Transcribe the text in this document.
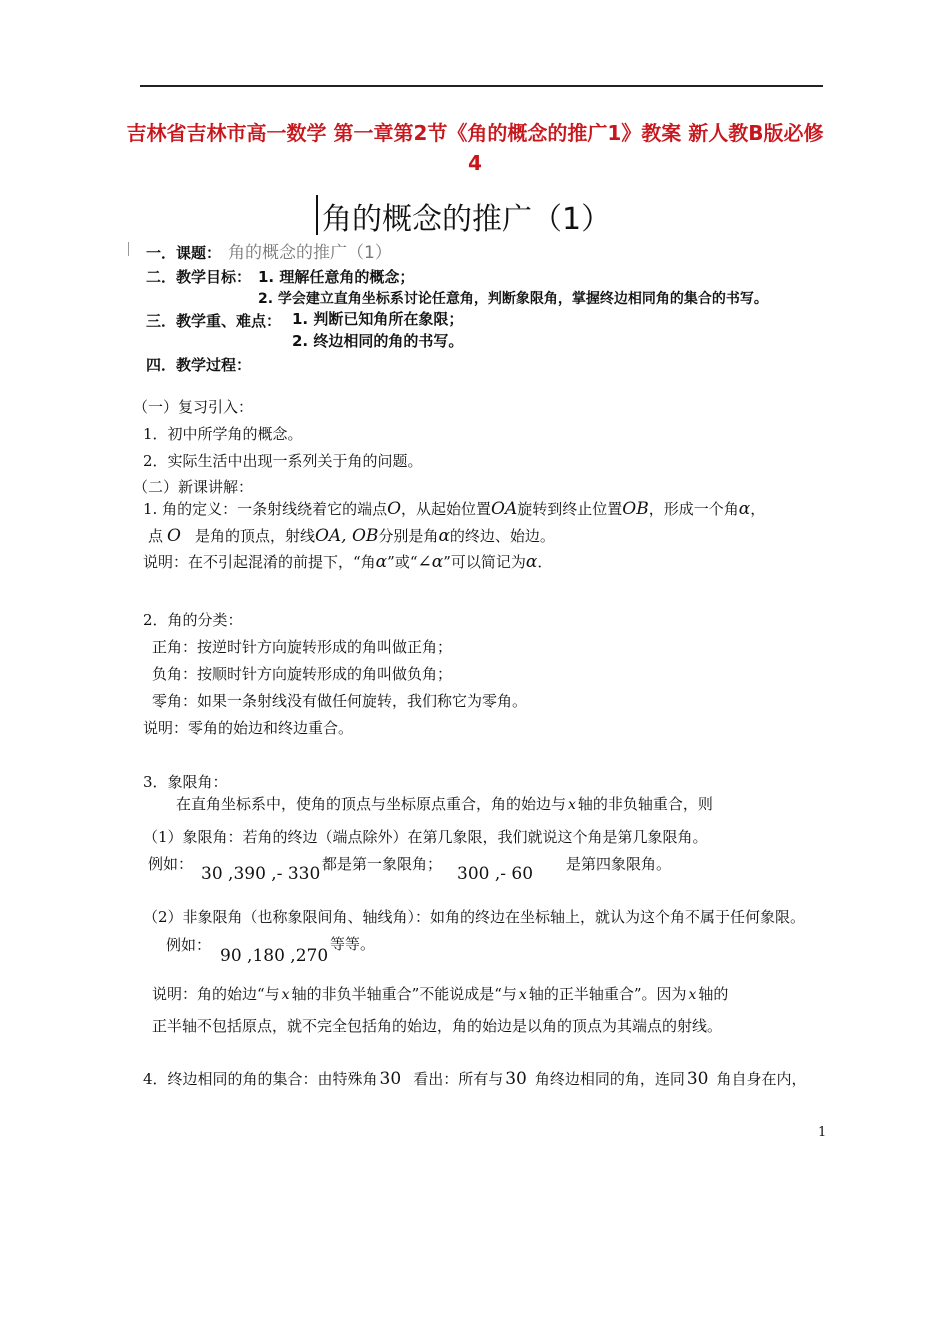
吉林省吉林市高一数学 第一章第2节《角的概念的推广1》教案 新人教B版必修4
角的概念的推广（1）
一．课题： 角的概念的推广（1）
二．教学目标： 1. 理解任意角的概念；
2. 学会建立直角坐标系讨论任意角，判断象限角，掌握终边相同角的集合的书写。
三．教学重、难点： 1. 判断已知角所在象限；
2. 终边相同的角的书写。
四．教学过程：
（一）复习引入：
1．初中所学角的概念。
2．实际生活中出现一系列关于角的问题。
（二）新课讲解：
1. 角的定义：一条射线绕着它的端点O，从起始位置OA旋转到终止位置OB，形成一个角α，
点 O 是角的顶点，射线OA, OB分别是角α的终边、始边。
说明：在不引起混淆的前提下，“角α”或“∠α”可以简记为α．
2．角的分类：
正角：按逆时针方向旋转形成的角叫做正角；
负角：按顺时针方向旋转形成的角叫做负角；
零角：如果一条射线没有做任何旋转，我们称它为零角。
说明：零角的始边和终边重合。
3．象限角：
在直角坐标系中，使角的顶点与坐标原点重合，角的始边与 x 轴的非负轴重合，则
（1）象限角：若角的终边（端点除外）在第几象限，我们就说这个角是第几象限角。
例如： 30 ,390 ,- 330 都是第一象限角； 300 ,- 60 是第四象限角。
（2）非象限角（也称象限间角、轴线角）：如角的终边在坐标轴上，就认为这个角不属于任何象限。
例如：
90 ,180 ,270
等等。
说明：角的始边“与 x 轴的非负半轴重合”不能说成是“与 x 轴的正半轴重合”。因为 x 轴的
正半轴不包括原点，就不完全包括角的始边，角的始边是以角的顶点为其端点的射线。
4．终边相同的角的集合：由特殊角 30 看出：所有与 30 角终边相同的角，连同 30 角自身在内，
1
